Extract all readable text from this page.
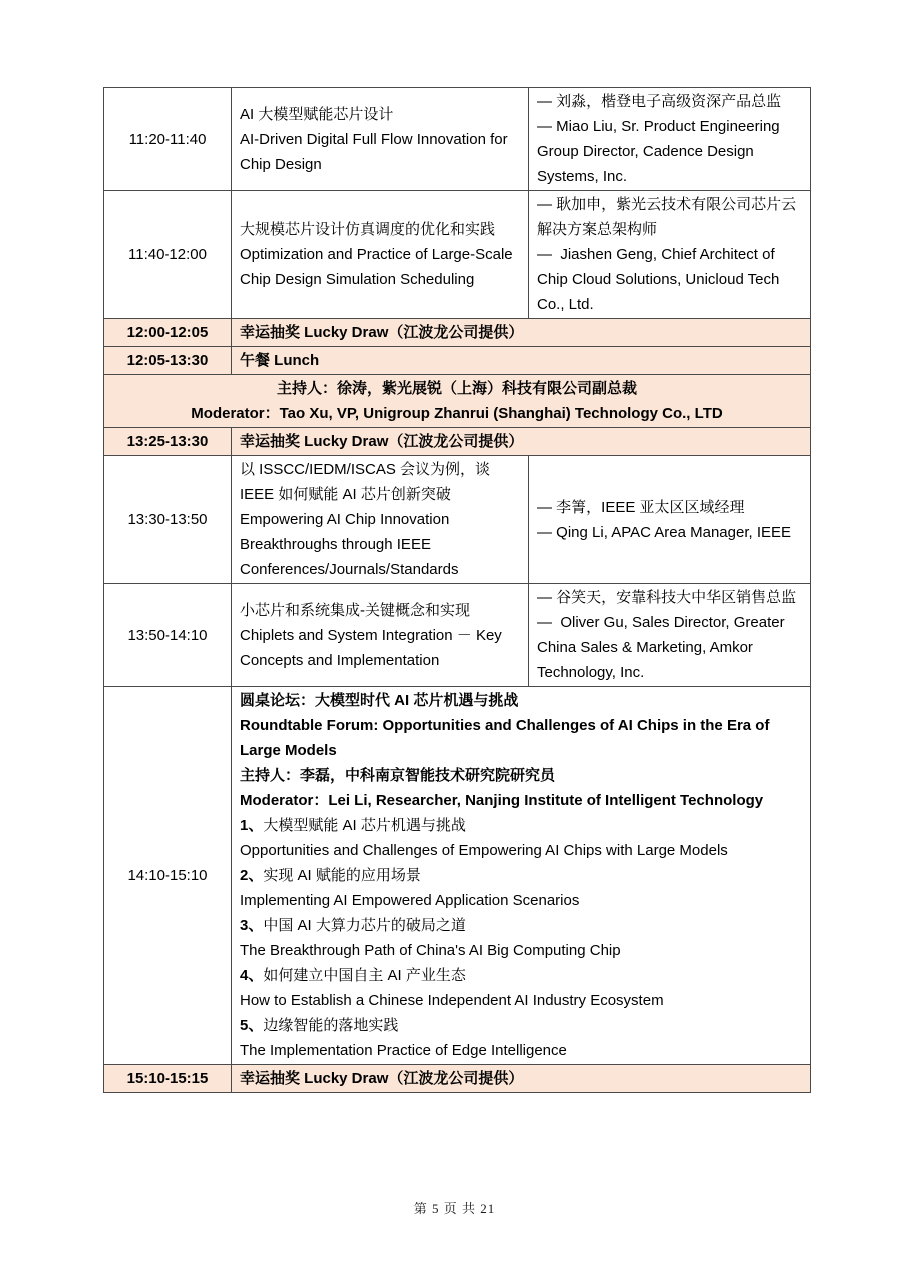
11:20-11:40	
AI 大模型赋能芯片设计
AI-Driven Digital Full Flow Innovation for Chip Design

— 刘淼，楷登电子高级资深产品总监
— Miao Liu, Sr. Product Engineering Group Director, Cadence Design Systems, Inc.

11:40-12:00	
大规模芯片设计仿真调度的优化和实践
Optimization and Practice of Large-Scale Chip Design Simulation Scheduling

— 耿加申，紫光云技术有限公司芯片云解决方案总架构师
—  Jiashen Geng, Chief Architect of Chip Cloud Solutions, Unicloud Tech Co., Ltd.

12:00-12:05	幸运抽奖 Lucky Draw（江波龙公司提供）	
12:05-13:30	午餐 Lunch	

主持人：徐涛，紫光展锐（上海）科技有限公司副总裁
Moderator：Tao Xu, VP, Unigroup Zhanrui (Shanghai) Technology Co., LTD		

13:25-13:30	幸运抽奖 Lucky Draw（江波龙公司提供）	
13:30-13:50	
以 ISSCC/IEDM/ISCAS 会议为例，谈 IEEE 如何赋能 AI 芯片创新突破
Empowering AI Chip Innovation Breakthroughs through IEEE Conferences/Journals/Standards

— 李箐，IEEE 亚太区区域经理
— Qing Li, APAC Area Manager, IEEE

13:50-14:10	
小芯片和系统集成-关键概念和实现
Chiplets and System Integration － Key Concepts and Implementation

— 谷笑天，安靠科技大中华区销售总监
—  Oliver Gu, Sales Director, Greater China Sales & Marketing, Amkor Technology, Inc.

14:10-15:10	
圆桌论坛：大模型时代 AI 芯片机遇与挑战
Roundtable Forum: Opportunities and Challenges of AI Chips in the Era of Large Models
主持人：李磊，中科南京智能技术研究院研究员
Moderator：Lei Li, Researcher, Nanjing Institute of Intelligent Technology
1、大模型赋能 AI 芯片机遇与挑战
Opportunities and Challenges of Empowering AI Chips with Large Models
2、实现 AI 赋能的应用场景
Implementing AI Empowered Application Scenarios
3、中国 AI 大算力芯片的破局之道
The Breakthrough Path of China's AI Big Computing Chip
4、如何建立中国自主 AI 产业生态
How to Establish a Chinese Independent AI Industry Ecosystem
5、边缘智能的落地实践
The Implementation Practice of Edge Intelligence

15:10-15:15	幸运抽奖 Lucky Draw（江波龙公司提供）	
第 5 页 共 21
